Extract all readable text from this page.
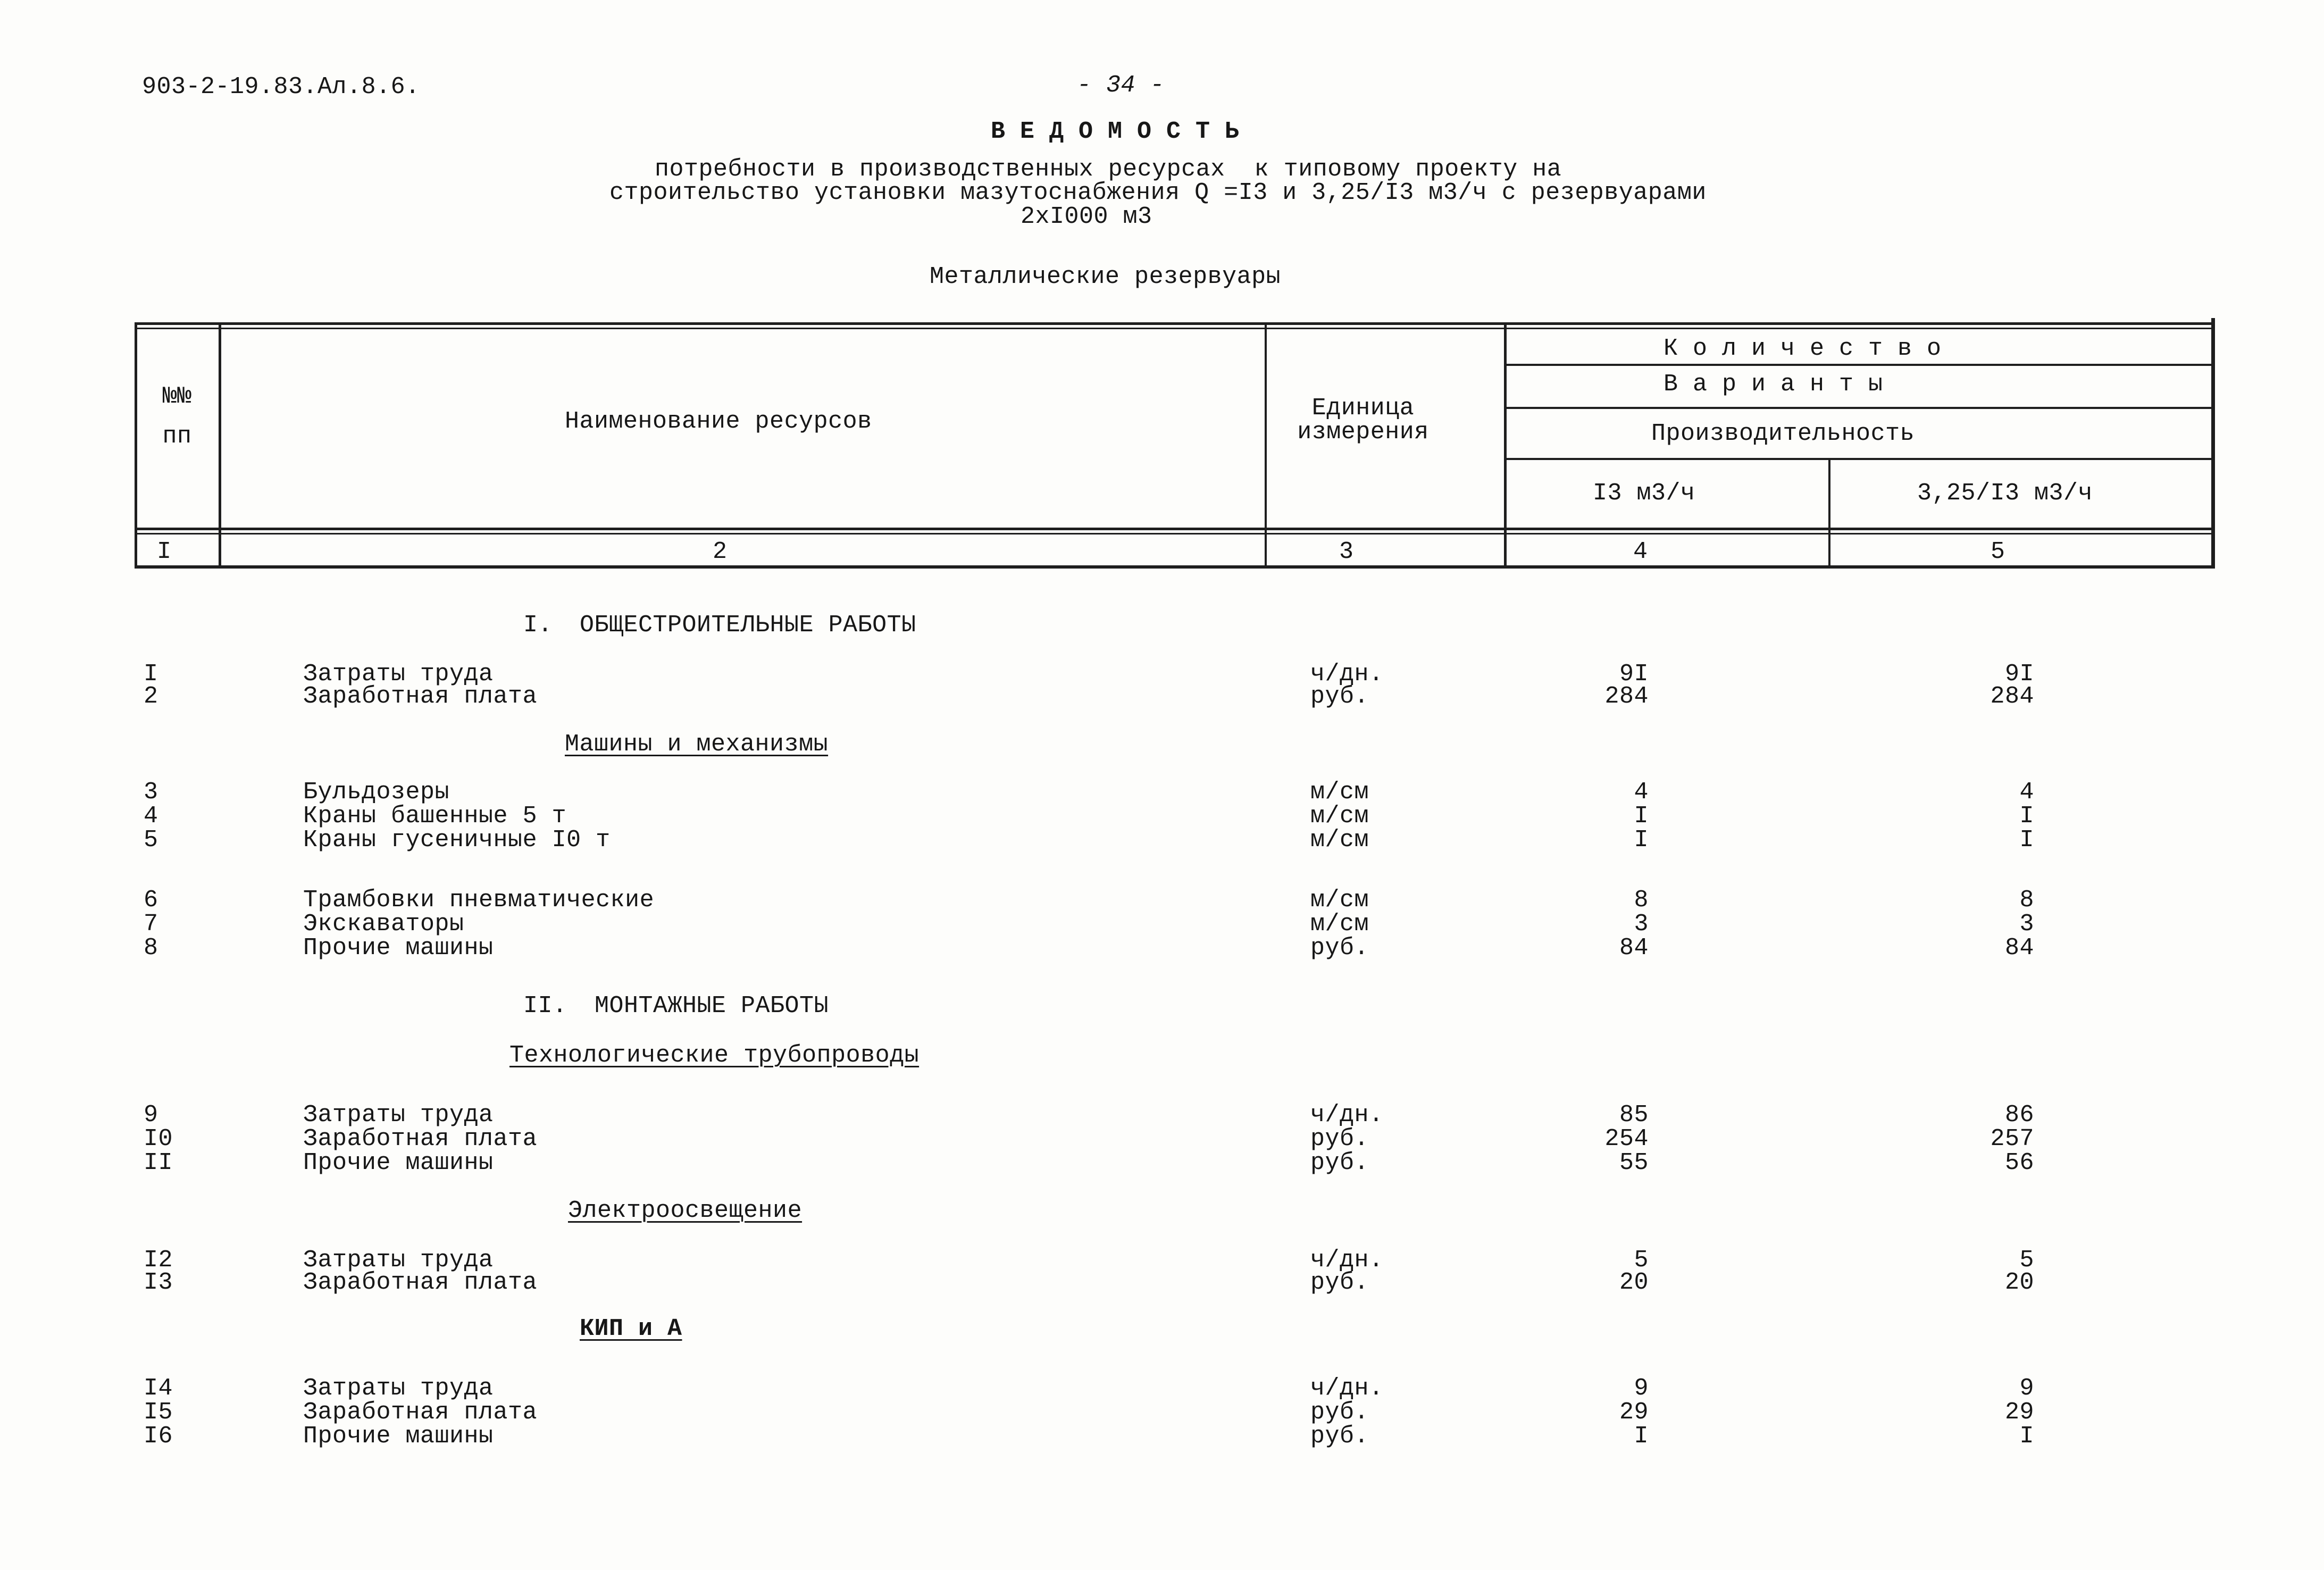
903-2-19.83.Ал.8.6.	- 34 -
ВЕДОМОСТЬ
потребности в производственных ресурсах  к типовому проекту на
строительство установки мазутоснабжения Q =I3 и 3,25/I3 м3/ч с резервуарами
2хI000 м3
Металлические резервуары
№№
пп
Наименование ресурсов	Единица
измерения
Количество
Варианты
Производительность
I3 м3/ч	3,25/I3 м3/ч
I	2	3	4	5
I. ОБЩЕСТРОИТЕЛЬНЫЕ РАБОТЫ
I	Затраты труда	ч/дн.	9I	9I
2	Заработная плата	руб.	284	284
Машины и механизмы
3	Бульдозеры	м/см	4	4
4	Краны башенные 5 т	м/см	I	I
5	Краны гусеничные I0 т	м/см	I	I
6	Трамбовки пневматические	м/см	8	8
7	Экскаваторы	м/см	3	3
8	Прочие машины	руб.	84	84
II. МОНТАЖНЫЕ РАБОТЫ
Технологические трубопроводы
9	Затраты труда	ч/дн.	85	86
I0	Заработная плата	руб.	254	257
II	Прочие машины	руб.	55	56
Электроосвещение
I2	Затраты труда	ч/дн.	5	5
I3	Заработная плата	руб.	20	20
КИП и А
I4	Затраты труда	ч/дн.	9	9
I5	Заработная плата	руб.	29	29
I6	Прочие машины	руб.	I	I
